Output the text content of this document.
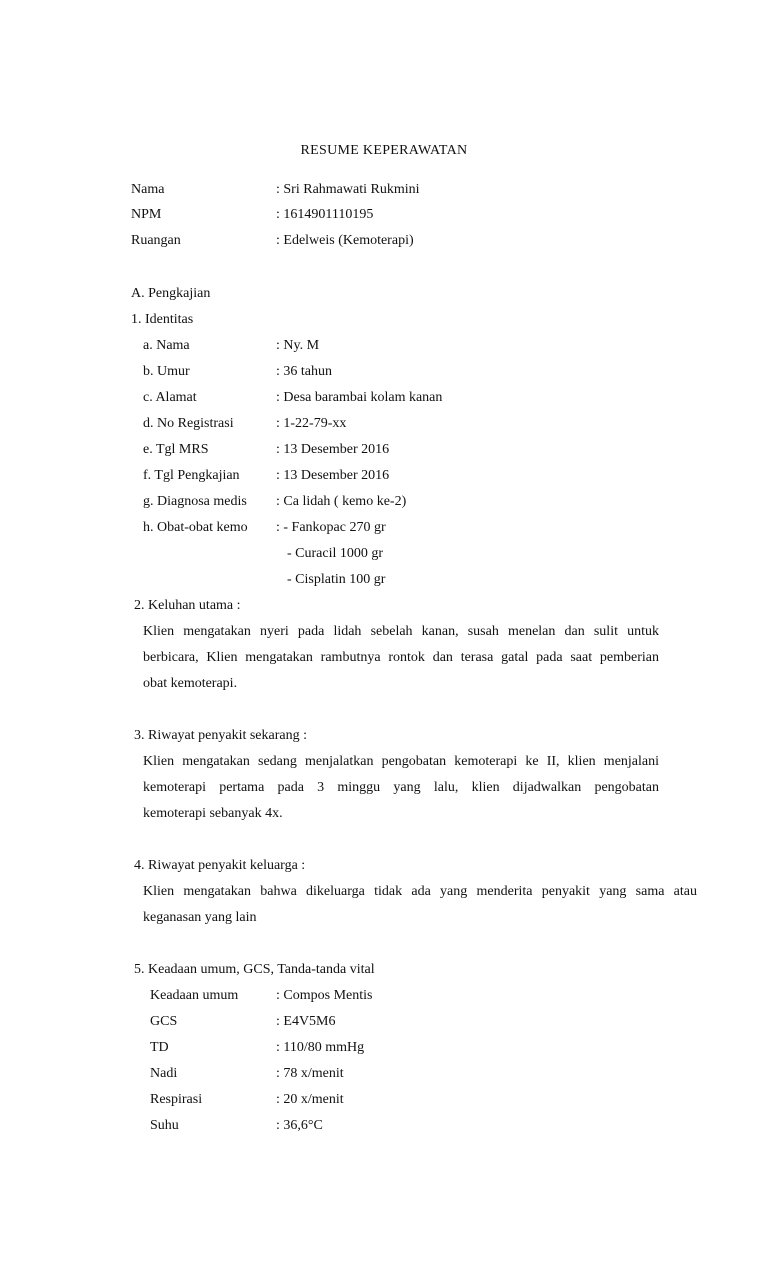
RESUME KEPERAWATAN
Nama	: Sri Rahmawati Rukmini
NPM	: 1614901110195
Ruangan	: Edelweis (Kemoterapi)
A. Pengkajian
1. Identitas
a. Nama	: Ny. M
b. Umur	: 36 tahun
c. Alamat	: Desa barambai kolam kanan
d. No Registrasi	: 1-22-79-xx
e. Tgl MRS	: 13 Desember 2016
f. Tgl Pengkajian	: 13 Desember 2016
g. Diagnosa medis : Ca lidah ( kemo ke-2)
h. Obat-obat kemo : - Fankopac 270 gr
- Curacil 1000 gr
- Cisplatin 100 gr
2. Keluhan utama :
Klien mengatakan nyeri pada lidah sebelah kanan, susah menelan dan sulit untuk
berbicara, Klien mengatakan rambutnya rontok dan terasa gatal pada saat pemberian
obat kemoterapi.
3. Riwayat penyakit sekarang :
Klien mengatakan sedang menjalatkan pengobatan kemoterapi ke II, klien menjalani
kemoterapi pertama pada 3 minggu yang lalu, klien dijadwalkan pengobatan
kemoterapi sebanyak 4x.
4. Riwayat penyakit keluarga :
Klien mengatakan bahwa dikeluarga tidak ada yang menderita penyakit yang sama atau
keganasan yang lain
5. Keadaan umum, GCS, Tanda-tanda vital
Keadaan umum	: Compos Mentis
GCS	: E4V5M6
TD	: 110/80 mmHg
Nadi	: 78 x/menit
Respirasi	: 20 x/menit
Suhu	: 36,6°C
